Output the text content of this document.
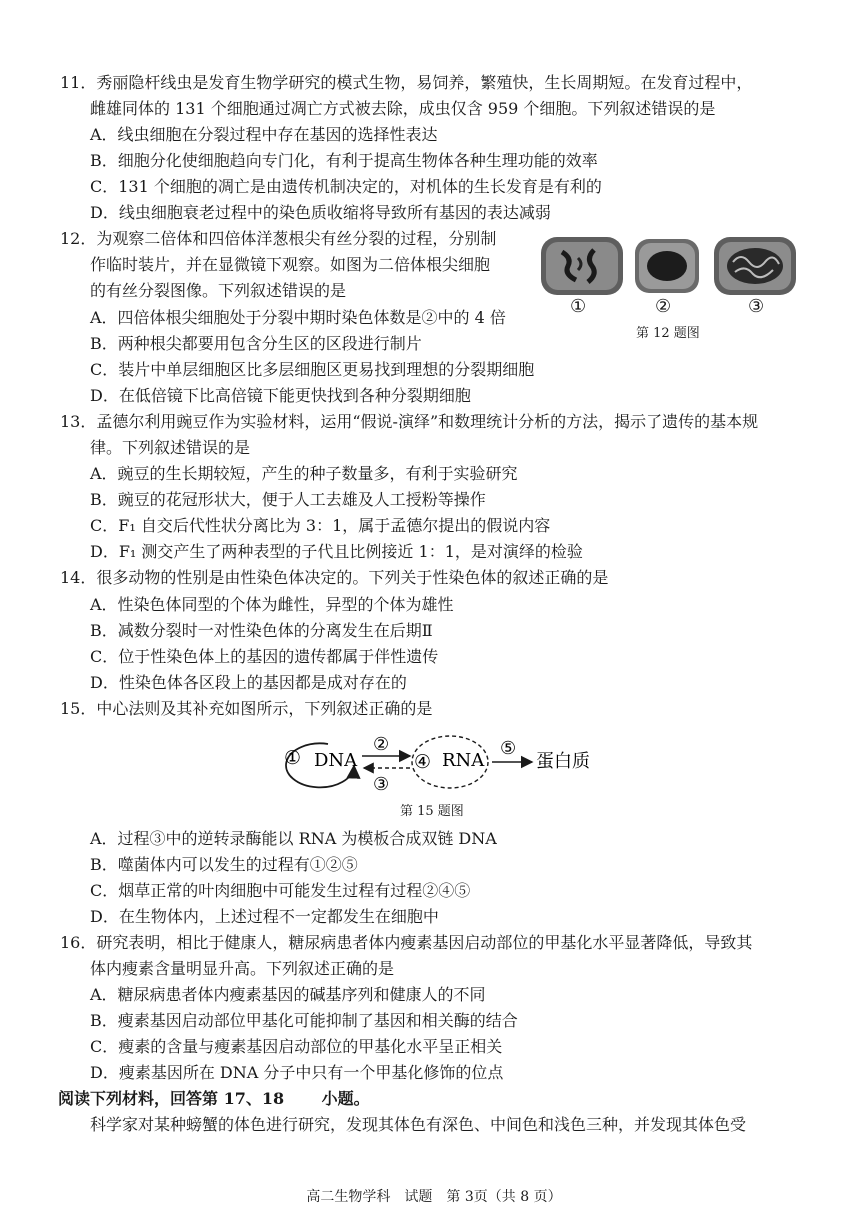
11．秀丽隐杆线虫是发育生物学研究的模式生物，易饲养，繁殖快，生长周期短。在发育过程中，
雌雄同体的 131 个细胞通过凋亡方式被去除，成虫仅含 959 个细胞。下列叙述错误的是
A．线虫细胞在分裂过程中存在基因的选择性表达
B．细胞分化使细胞趋向专门化，有利于提高生物体各种生理功能的效率
C．131 个细胞的凋亡是由遗传机制决定的，对机体的生长发育是有利的
D．线虫细胞衰老过程中的染色质收缩将导致所有基因的表达减弱
12．为观察二倍体和四倍体洋葱根尖有丝分裂的过程，分别制
作临时装片，并在显微镜下观察。如图为二倍体根尖细胞
的有丝分裂图像。下列叙述错误的是
A．四倍体根尖细胞处于分裂中期时染色体数是②中的 4 倍
B．两种根尖都要用包含分生区的区段进行制片
C．装片中单层细胞区比多层细胞区更易找到理想的分裂期细胞
D．在低倍镜下比高倍镜下能更快找到各种分裂期细胞
①	②	③
第 12 题图
13．孟德尔利用豌豆作为实验材料，运用“假说-演绎”和数理统计分析的方法，揭示了遗传的基本规
律。下列叙述错误的是
A．豌豆的生长期较短，产生的种子数量多，有利于实验研究
B．豌豆的花冠形状大，便于人工去雄及人工授粉等操作
C．F₁ 自交后代性状分离比为 3：1，属于孟德尔提出的假说内容
D．F₁ 测交产生了两种表型的子代且比例接近 1：1，是对演绎的检验
14．很多动物的性别是由性染色体决定的。下列关于性染色体的叙述正确的是
A．性染色体同型的个体为雌性，异型的个体为雄性
B．减数分裂时一对性染色体的分离发生在后期Ⅱ
C．位于性染色体上的基因的遗传都属于伴性遗传
D．性染色体各区段上的基因都是成对存在的
15．中心法则及其补充如图所示，下列叙述正确的是
① DNA
②
③
④ RNA
⑤
蛋白质
第 15 题图
A．过程③中的逆转录酶能以 RNA 为模板合成双链 DNA
B．噬菌体内可以发生的过程有①②⑤
C．烟草正常的叶肉细胞中可能发生过程有过程②④⑤
D．在生物体内，上述过程不一定都发生在细胞中
16．研究表明，相比于健康人，糖尿病患者体内瘦素基因启动部位的甲基化水平显著降低，导致其
体内瘦素含量明显升高。下列叙述正确的是
A．糖尿病患者体内瘦素基因的碱基序列和健康人的不同
B．瘦素基因启动部位甲基化可能抑制了基因和相关酶的结合
C．瘦素的含量与瘦素基因启动部位的甲基化水平呈正相关
D．瘦素基因所在 DNA 分子中只有一个甲基化修饰的位点
阅读下列材料，回答第 17、18　　 小题。
科学家对某种螃蟹的体色进行研究，发现其体色有深色、中间色和浅色三种，并发现其体色受
高二生物学科　试题　第 3页（共 8 页）
